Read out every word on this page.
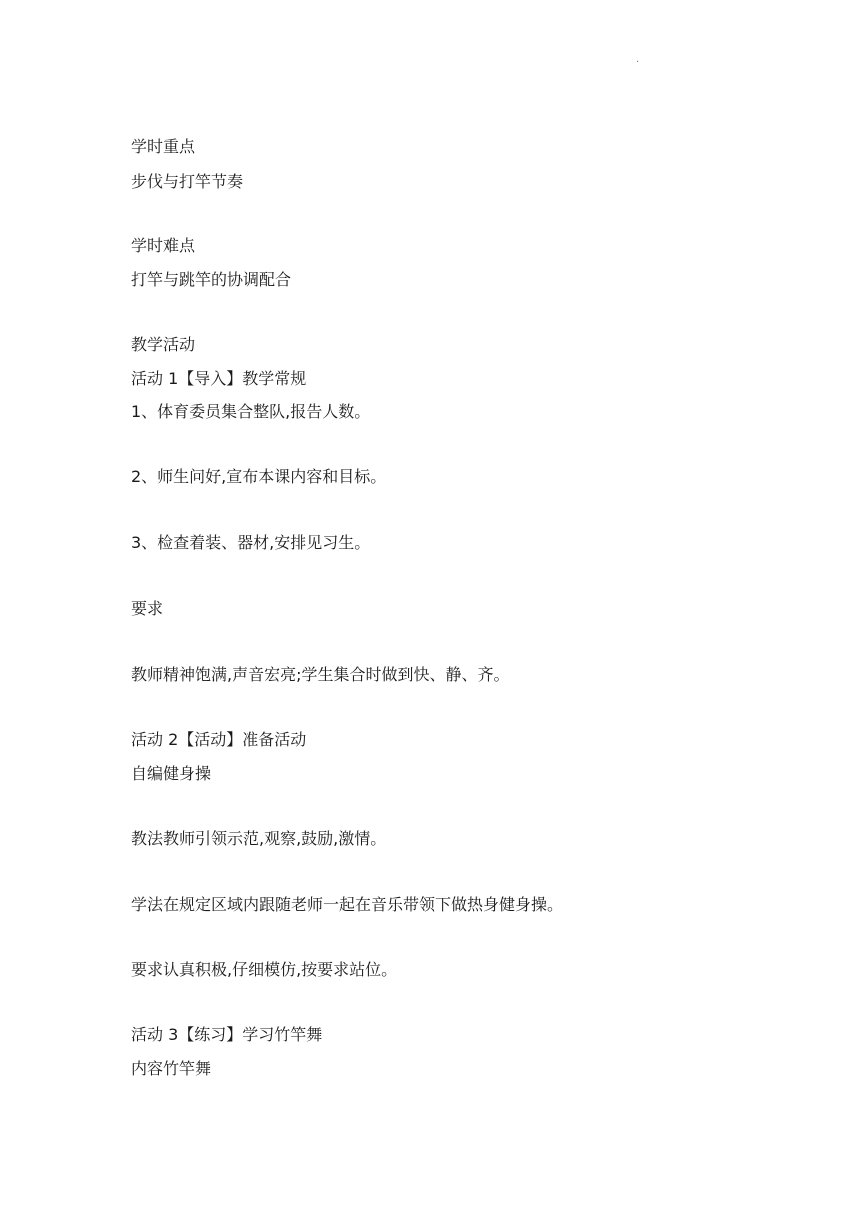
.
学时重点
步伐与打竿节奏
学时难点
打竿与跳竿的协调配合
教学活动
活动 1【导入】教学常规
1、体育委员集合整队,报告人数。
2、师生问好,宣布本课内容和目标。
3、检查着装、器材,安排见习生。
要求
教师精神饱满,声音宏亮;学生集合时做到快、静、齐。
活动 2【活动】准备活动
自编健身操
教法教师引领示范,观察,鼓励,激情。
学法在规定区域内跟随老师一起在音乐带领下做热身健身操。
要求认真积极,仔细模仿,按要求站位。
活动 3【练习】学习竹竿舞
内容竹竿舞
